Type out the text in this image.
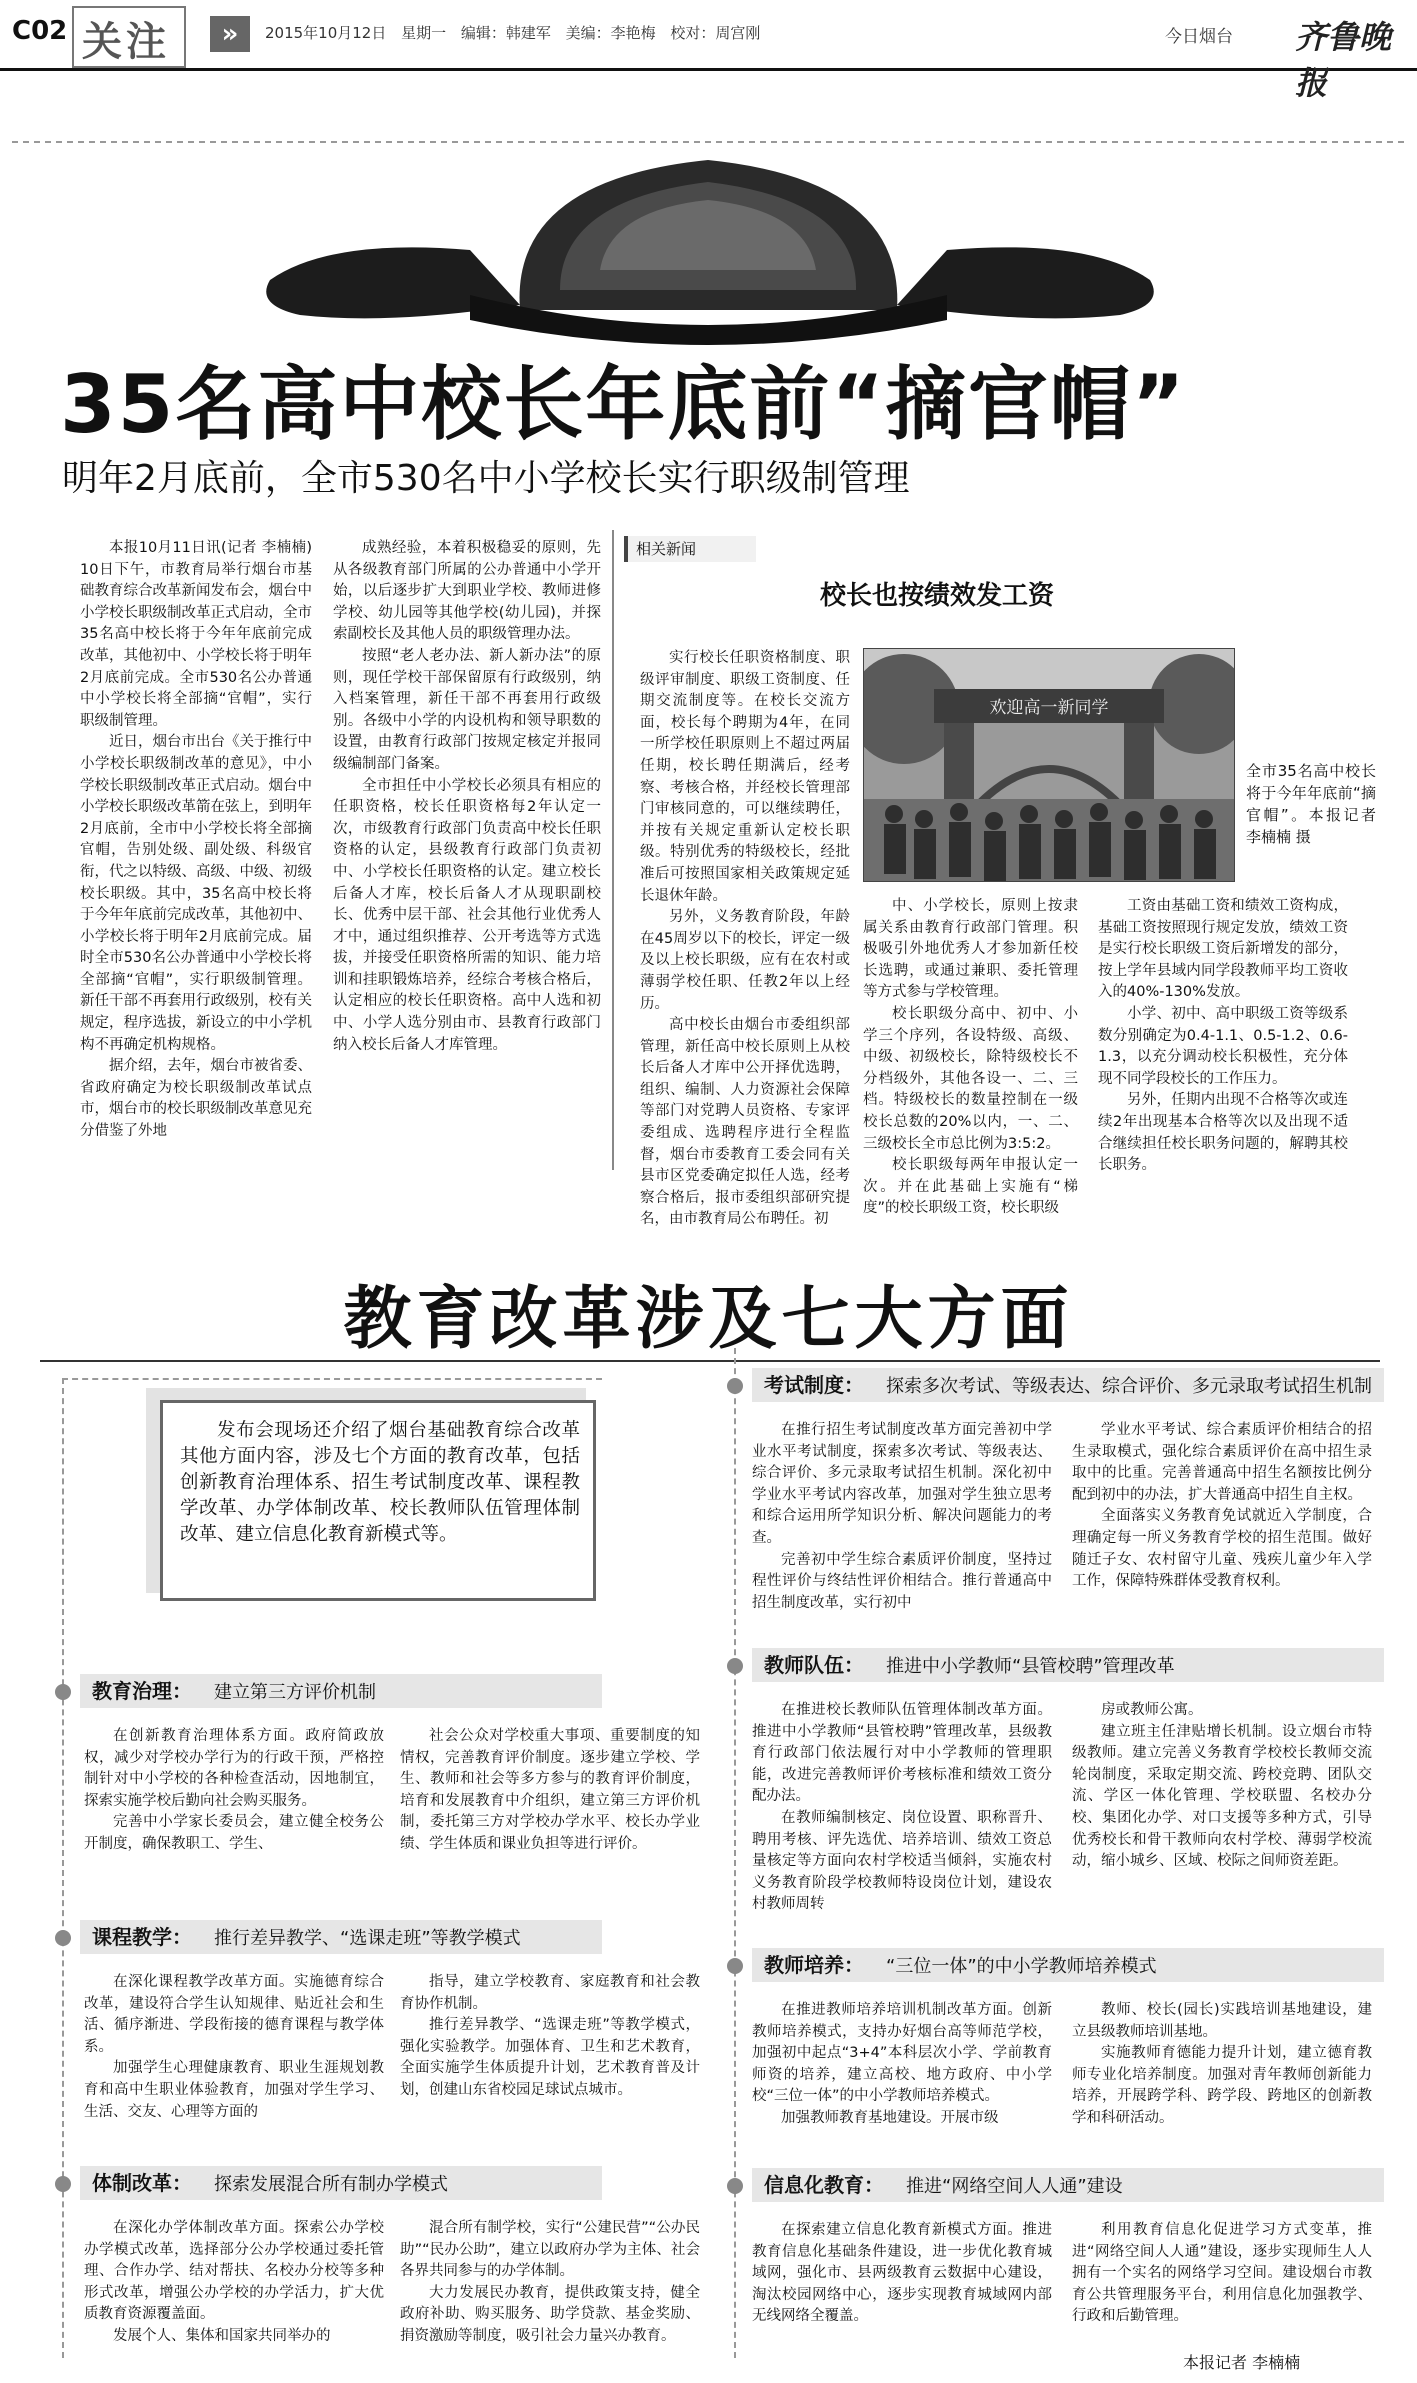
C02 关注	»	2015年10月12日 星期一 编辑：韩建军 美编：李艳梅 校对：周宫刚	今日烟台 齐鲁晚报
35名高中校长年底前“摘官帽”
明年2月底前，全市530名中小学校长实行职级制管理

本报10月11日讯(记者 李楠楠) 10日下午，市教育局举行烟台市基础教育综合改革新闻发布会，烟台中小学校长职级制改革正式启动，全市35名高中校长将于今年年底前完成改革，其他初中、小学校长将于明年2月底前完成。全市530名公办普通中小学校长将全部摘“官帽”，实行职级制管理。

近日，烟台市出台《关于推行中小学校长职级制改革的意见》，中小学校长职级制改革正式启动。烟台中小学校长职级改革箭在弦上，到明年2月底前，全市中小学校长将全部摘官帽，告别处级、副处级、科级官衔，代之以特级、高级、中级、初级校长职级。其中，35名高中校长将于今年年底前完成改革，其他初中、小学校长将于明年2月底前完成。届时全市530名公办普通中小学校长将全部摘“官帽”，实行职级制管理。新任干部不再套用行政级别，校有关规定，程序选拔，新设立的中小学机构不再确定机构规格。

据介绍，去年，烟台市被省委、省政府确定为校长职级制改革试点市，烟台市的校长职级制改革意见充分借鉴了外地

成熟经验，本着积极稳妥的原则，先从各级教育部门所属的公办普通中小学开始，以后逐步扩大到职业学校、教师进修学校、幼儿园等其他学校(幼儿园)，并探索副校长及其他人员的职级管理办法。

按照“老人老办法、新人新办法”的原则，现任学校干部保留原有行政级别，纳入档案管理，新任干部不再套用行政级别。各级中小学的内设机构和领导职数的设置，由教育行政部门按规定核定并报同级编制部门备案。

全市担任中小学校长必须具有相应的任职资格，校长任职资格每2年认定一次，市级教育行政部门负责高中校长任职资格的认定，县级教育行政部门负责初中、小学校长任职资格的认定。建立校长后备人才库，校长后备人才从现职副校长、优秀中层干部、社会其他行业优秀人才中，通过组织推荐、公开考选等方式选拔，并接受任职资格所需的知识、能力培训和挂职锻炼培养，经综合考核合格后，认定相应的校长任职资格。高中人选和初中、小学人选分别由市、县教育行政部门纳入校长后备人才库管理。

相关新闻
校长也按绩效发工资

实行校长任职资格制度、职级评审制度、职级工资制度、任期交流制度等。在校长交流方面，校长每个聘期为4年，在同一所学校任职原则上不超过两届任期，校长聘任期满后，经考察、考核合格，并经校长管理部门审核同意的，可以继续聘任，并按有关规定重新认定校长职级。特别优秀的特级校长，经批准后可按照国家相关政策规定延长退休年龄。

另外，义务教育阶段，年龄在45周岁以下的校长，评定一级及以上校长职级，应有在农村或薄弱学校任职、任教2年以上经历。

高中校长由烟台市委组织部管理，新任高中校长原则上从校长后备人才库中公开择优选聘，组织、编制、人力资源社会保障等部门对党聘人员资格、专家评委组成、选聘程序进行全程监督，烟台市委教育工委会同有关县市区党委确定拟任人选，经考察合格后，报市委组织部研究提名，由市教育局公布聘任。初

欢迎高一新同学
全市35名高中校长将于今年年底前“摘官帽”。本报记者 李楠楠 摄

中、小学校长，原则上按隶属关系由教育行政部门管理。积极吸引外地优秀人才参加新任校长选聘，或通过兼职、委托管理等方式参与学校管理。

校长职级分高中、初中、小学三个序列，各设特级、高级、中级、初级校长，除特级校长不分档级外，其他各设一、二、三档。特级校长的数量控制在一级校长总数的20%以内，一、二、三级校长全市总比例为3:5:2。

校长职级每两年申报认定一次。并在此基础上实施有“梯度”的校长职级工资，校长职级

工资由基础工资和绩效工资构成，基础工资按照现行规定发放，绩效工资是实行校长职级工资后新增发的部分，按上学年县域内同学段教师平均工资收入的40%-130%发放。

小学、初中、高中职级工资等级系数分别确定为0.4-1.1、0.5-1.2、0.6-1.3，以充分调动校长积极性，充分体现不同学段校长的工作压力。

另外，任期内出现不合格等次或连续2年出现基本合格等次以及出现不适合继续担任校长职务问题的，解聘其校长职务。

教育改革涉及七大方面
发布会现场还介绍了烟台基础教育综合改革其他方面内容，涉及七个方面的教育改革，包括创新教育治理体系、招生考试制度改革、课程教学改革、办学体制改革、校长教师队伍管理体制改革、建立信息化教育新模式等。
教育治理： 建立第三方评价机制

在创新教育治理体系方面。政府简政放权，减少对学校办学行为的行政干预，严格控制针对中小学校的各种检查活动，因地制宜，探索实施学校后勤向社会购买服务。

完善中小学家长委员会，建立健全校务公开制度，确保教职工、学生、

社会公众对学校重大事项、重要制度的知情权，完善教育评价制度。逐步建立学校、学生、教师和社会等多方参与的教育评价制度，培育和发展教育中介组织，建立第三方评价机制，委托第三方对学校办学水平、校长办学业绩、学生体质和课业负担等进行评价。

课程教学： 推行差异教学、“选课走班”等教学模式

在深化课程教学改革方面。实施德育综合改革，建设符合学生认知规律、贴近社会和生活、循序渐进、学段衔接的德育课程与教学体系。

加强学生心理健康教育、职业生涯规划教育和高中生职业体验教育，加强对学生学习、生活、交友、心理等方面的

指导，建立学校教育、家庭教育和社会教育协作机制。

推行差异教学、“选课走班”等教学模式，强化实验教学。加强体育、卫生和艺术教育，全面实施学生体质提升计划，艺术教育普及计划，创建山东省校园足球试点城市。

体制改革： 探索发展混合所有制办学模式

在深化办学体制改革方面。探索公办学校办学模式改革，选择部分公办学校通过委托管理、合作办学、结对帮扶、名校办分校等多种形式改革，增强公办学校的办学活力，扩大优质教育资源覆盖面。

发展个人、集体和国家共同举办的

混合所有制学校，实行“公建民营”“公办民助”“民办公助”，建立以政府办学为主体、社会各界共同参与的办学体制。

大力发展民办教育，提供政策支持，健全政府补助、购买服务、助学贷款、基金奖励、捐资激励等制度，吸引社会力量兴办教育。

考试制度： 探索多次考试、等级表达、综合评价、多元录取考试招生机制

在推行招生考试制度改革方面完善初中学业水平考试制度，探索多次考试、等级表达、综合评价、多元录取考试招生机制。深化初中学业水平考试内容改革，加强对学生独立思考和综合运用所学知识分析、解决问题能力的考查。

完善初中学生综合素质评价制度，坚持过程性评价与终结性评价相结合。推行普通高中招生制度改革，实行初中

学业水平考试、综合素质评价相结合的招生录取模式，强化综合素质评价在高中招生录取中的比重。完善普通高中招生名额按比例分配到初中的办法，扩大普通高中招生自主权。

全面落实义务教育免试就近入学制度，合理确定每一所义务教育学校的招生范围。做好随迁子女、农村留守儿童、残疾儿童少年入学工作，保障特殊群体受教育权利。

教师队伍： 推进中小学教师“县管校聘”管理改革

在推进校长教师队伍管理体制改革方面。推进中小学教师“县管校聘”管理改革，县级教育行政部门依法履行对中小学教师的管理职能，改进完善教师评价考核标准和绩效工资分配办法。

在教师编制核定、岗位设置、职称晋升、聘用考核、评先选优、培养培训、绩效工资总量核定等方面向农村学校适当倾斜，实施农村义务教育阶段学校教师特设岗位计划，建设农村教师周转

房或教师公寓。

建立班主任津贴增长机制。设立烟台市特级教师。建立完善义务教育学校校长教师交流轮岗制度，采取定期交流、跨校竞聘、团队交流、学区一体化管理、学校联盟、名校办分校、集团化办学、对口支援等多种方式，引导优秀校长和骨干教师向农村学校、薄弱学校流动，缩小城乡、区域、校际之间师资差距。

教师培养： “三位一体”的中小学教师培养模式

在推进教师培养培训机制改革方面。创新教师培养模式，支持办好烟台高等师范学校，加强初中起点“3+4”本科层次小学、学前教育师资的培养，建立高校、地方政府、中小学校“三位一体”的中小学教师培养模式。

加强教师教育基地建设。开展市级

教师、校长(园长)实践培训基地建设，建立县级教师培训基地。

实施教师育德能力提升计划，建立德育教师专业化培养制度。加强对青年教师创新能力培养，开展跨学科、跨学段、跨地区的创新教学和科研活动。

信息化教育： 推进“网络空间人人通”建设

在探索建立信息化教育新模式方面。推进教育信息化基础条件建设，进一步优化教育城域网，强化市、县两级教育云数据中心建设，淘汰校园网络中心，逐步实现教育城域网内部无线网络全覆盖。

利用教育信息化促进学习方式变革，推进“网络空间人人通”建设，逐步实现师生人人拥有一个实名的网络学习空间。建设烟台市教育公共管理服务平台，利用信息化加强教学、行政和后勤管理。

本报记者 李楠楠
